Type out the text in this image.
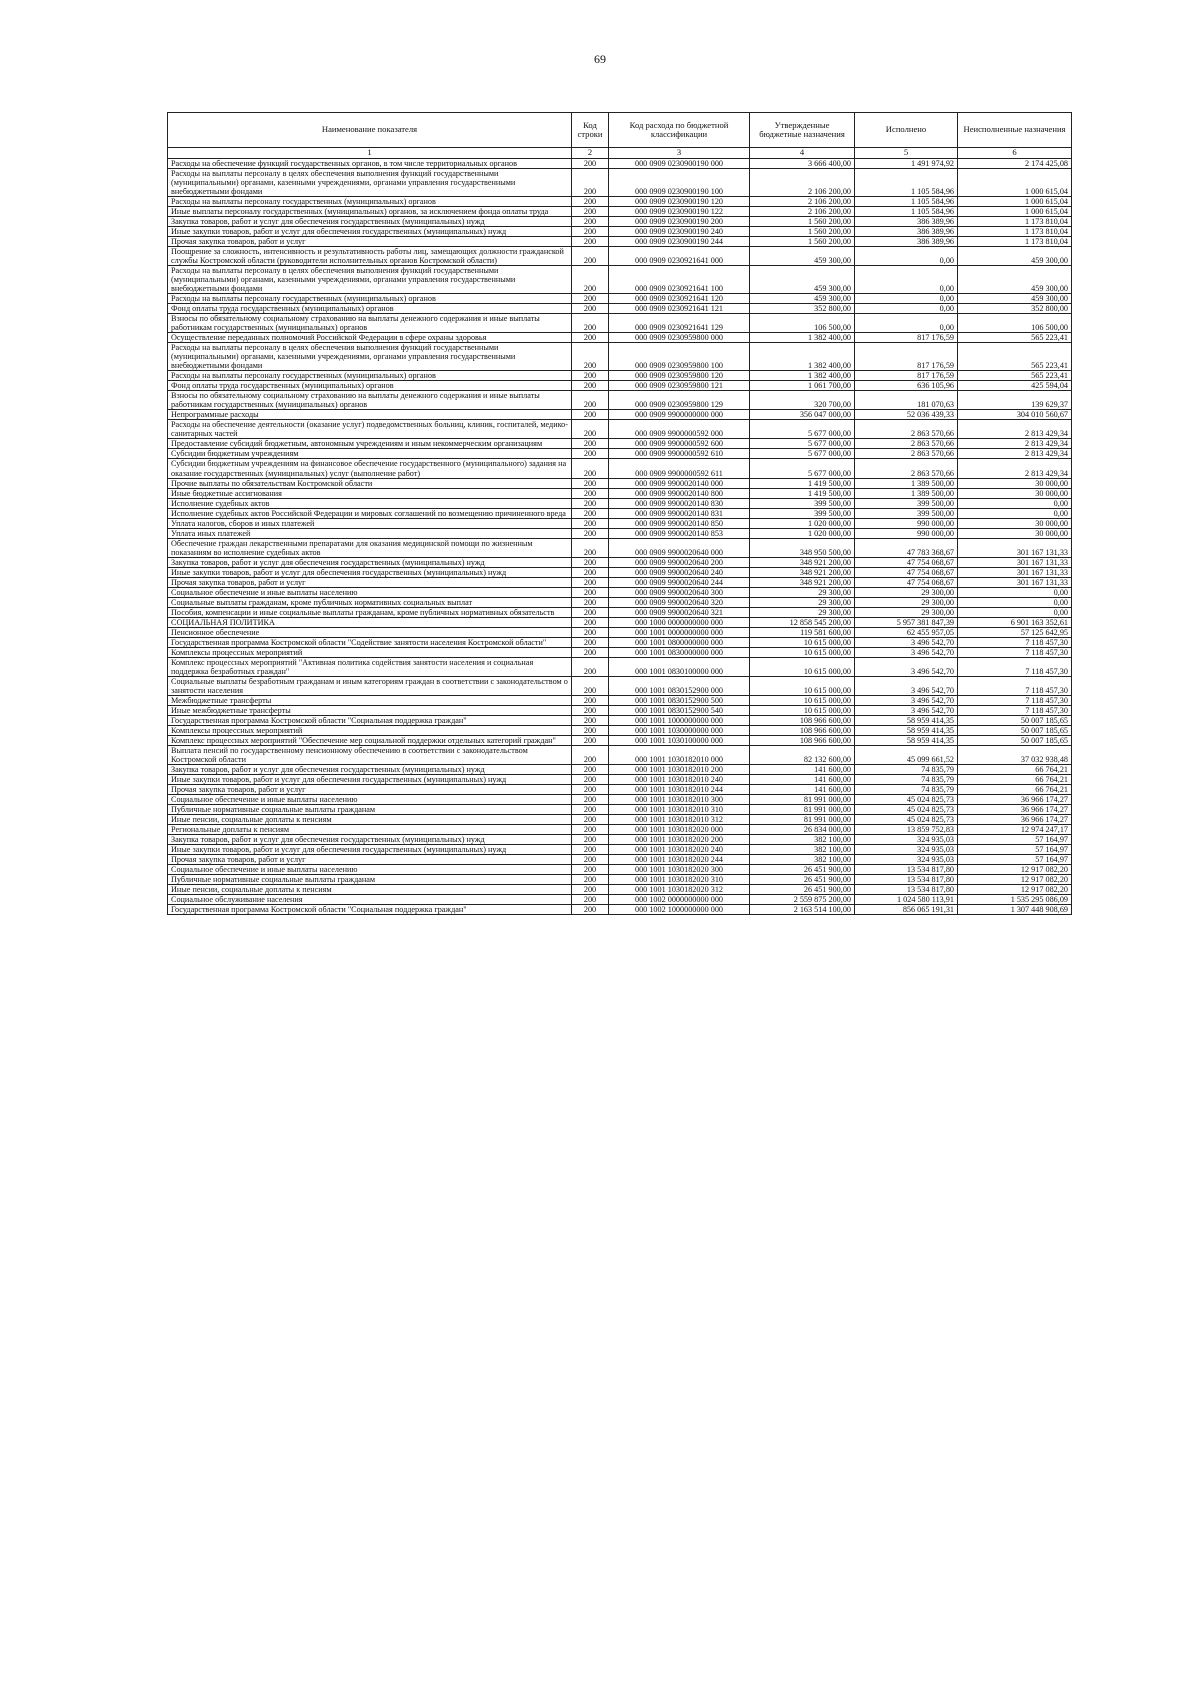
69
Наименование показателя	Код строки	Код расхода по бюджетной классификации	Утвержденные бюджетные назначения	Исполнено	Неисполненные назначения
1	2	3	4	5	6
Расходы на обеспечение функций государственных органов, в том числе территориальных органов	200	000 0909 0230900190 000	3 666 400,00	1 491 974,92	2 174 425,08
Расходы на выплаты персоналу в целях обеспечения выполнения функций государственными (муниципальными) органами, казенными учреждениями, органами управления государственными внебюджетными фондами	200	000 0909 0230900190 100	2 106 200,00	1 105 584,96	1 000 615,04
Расходы на выплаты персоналу государственных (муниципальных) органов	200	000 0909 0230900190 120	2 106 200,00	1 105 584,96	1 000 615,04
Иные выплаты персоналу государственных (муниципальных) органов, за исключением фонда оплаты труда	200	000 0909 0230900190 122	2 106 200,00	1 105 584,96	1 000 615,04
Закупка товаров, работ и услуг для обеспечения государственных (муниципальных) нужд	200	000 0909 0230900190 200	1 560 200,00	386 389,96	1 173 810,04
Иные закупки товаров, работ и услуг для обеспечения государственных (муниципальных) нужд	200	000 0909 0230900190 240	1 560 200,00	386 389,96	1 173 810,04
Прочая закупка товаров, работ и услуг	200	000 0909 0230900190 244	1 560 200,00	386 389,96	1 173 810,04
Поощрение за сложность, интенсивность и результативность работы лиц, замещающих должности гражданской службы Костромской области (руководители исполнительных органов Костромской области)	200	000 0909 0230921641 000	459 300,00	0,00	459 300,00
Расходы на выплаты персоналу в целях обеспечения выполнения функций государственными (муниципальными) органами, казенными учреждениями, органами управления государственными внебюджетными фондами	200	000 0909 0230921641 100	459 300,00	0,00	459 300,00
Расходы на выплаты персоналу государственных (муниципальных) органов	200	000 0909 0230921641 120	459 300,00	0,00	459 300,00
Фонд оплаты труда государственных (муниципальных) органов	200	000 0909 0230921641 121	352 800,00	0,00	352 800,00
Взносы по обязательному социальному страхованию на выплаты денежного содержания и иные выплаты работникам государственных (муниципальных) органов	200	000 0909 0230921641 129	106 500,00	0,00	106 500,00
Осуществление переданных полномочий Российской Федерации в сфере охраны здоровья	200	000 0909 0230959800 000	1 382 400,00	817 176,59	565 223,41
Расходы на выплаты персоналу в целях обеспечения выполнения функций государственными (муниципальными) органами, казенными учреждениями, органами управления государственными внебюджетными фондами	200	000 0909 0230959800 100	1 382 400,00	817 176,59	565 223,41
Расходы на выплаты персоналу государственных (муниципальных) органов	200	000 0909 0230959800 120	1 382 400,00	817 176,59	565 223,41
Фонд оплаты труда государственных (муниципальных) органов	200	000 0909 0230959800 121	1 061 700,00	636 105,96	425 594,04
Взносы по обязательному социальному страхованию на выплаты денежного содержания и иные выплаты работникам государственных (муниципальных) органов	200	000 0909 0230959800 129	320 700,00	181 070,63	139 629,37
Непрограммные расходы	200	000 0909 9900000000 000	356 047 000,00	52 036 439,33	304 010 560,67
Расходы на обеспечение деятельности (оказание услуг) подведомственных больниц, клиник, госпиталей, медико-санитарных частей	200	000 0909 9900000592 000	5 677 000,00	2 863 570,66	2 813 429,34
Предоставление субсидий бюджетным, автономным учреждениям и иным некоммерческим организациям	200	000 0909 9900000592 600	5 677 000,00	2 863 570,66	2 813 429,34
Субсидии бюджетным учреждениям	200	000 0909 9900000592 610	5 677 000,00	2 863 570,66	2 813 429,34
Субсидии бюджетным учреждениям на финансовое обеспечение государственного (муниципального) задания на оказание государственных (муниципальных) услуг (выполнение работ)	200	000 0909 9900000592 611	5 677 000,00	2 863 570,66	2 813 429,34
Прочие выплаты по обязательствам Костромской области	200	000 0909 9900020140 000	1 419 500,00	1 389 500,00	30 000,00
Иные бюджетные ассигнования	200	000 0909 9900020140 800	1 419 500,00	1 389 500,00	30 000,00
Исполнение судебных актов	200	000 0909 9900020140 830	399 500,00	399 500,00	0,00
Исполнение судебных актов Российской Федерации и мировых соглашений по возмещению причиненного вреда	200	000 0909 9900020140 831	399 500,00	399 500,00	0,00
Уплата налогов, сборов и иных платежей	200	000 0909 9900020140 850	1 020 000,00	990 000,00	30 000,00
Уплата иных платежей	200	000 0909 9900020140 853	1 020 000,00	990 000,00	30 000,00
Обеспечение граждан лекарственными препаратами для оказания медицинской помощи по жизненным показаниям во исполнение судебных актов	200	000 0909 9900020640 000	348 950 500,00	47 783 368,67	301 167 131,33
Закупка товаров, работ и услуг для обеспечения государственных (муниципальных) нужд	200	000 0909 9900020640 200	348 921 200,00	47 754 068,67	301 167 131,33
Иные закупки товаров, работ и услуг для обеспечения государственных (муниципальных) нужд	200	000 0909 9900020640 240	348 921 200,00	47 754 068,67	301 167 131,33
Прочая закупка товаров, работ и услуг	200	000 0909 9900020640 244	348 921 200,00	47 754 068,67	301 167 131,33
Социальное обеспечение и иные выплаты населению	200	000 0909 9900020640 300	29 300,00	29 300,00	0,00
Социальные выплаты гражданам, кроме публичных нормативных социальных выплат	200	000 0909 9900020640 320	29 300,00	29 300,00	0,00
Пособия, компенсации и иные социальные выплаты гражданам, кроме публичных нормативных обязательств	200	000 0909 9900020640 321	29 300,00	29 300,00	0,00
СОЦИАЛЬНАЯ ПОЛИТИКА	200	000 1000 0000000000 000	12 858 545 200,00	5 957 381 847,39	6 901 163 352,61
Пенсионное обеспечение	200	000 1001 0000000000 000	119 581 600,00	62 455 957,05	57 125 642,95
Государственная программа Костромской области "Содействие занятости населения Костромской области"	200	000 1001 0800000000 000	10 615 000,00	3 496 542,70	7 118 457,30
Комплексы процессных мероприятий	200	000 1001 0830000000 000	10 615 000,00	3 496 542,70	7 118 457,30
Комплекс процессных мероприятий "Активная политика содействия занятости населения и социальная поддержка безработных граждан"	200	000 1001 0830100000 000	10 615 000,00	3 496 542,70	7 118 457,30
Социальные выплаты безработным гражданам и иным категориям граждан в соответствии с законодательством о занятости населения	200	000 1001 0830152900 000	10 615 000,00	3 496 542,70	7 118 457,30
Межбюджетные трансферты	200	000 1001 0830152900 500	10 615 000,00	3 496 542,70	7 118 457,30
Иные межбюджетные трансферты	200	000 1001 0830152900 540	10 615 000,00	3 496 542,70	7 118 457,30
Государственная программа Костромской области "Социальная поддержка граждан"	200	000 1001 1000000000 000	108 966 600,00	58 959 414,35	50 007 185,65
Комплексы процессных мероприятий	200	000 1001 1030000000 000	108 966 600,00	58 959 414,35	50 007 185,65
Комплекс процессных мероприятий "Обеспечение мер социальной поддержки отдельных категорий граждан"	200	000 1001 1030100000 000	108 966 600,00	58 959 414,35	50 007 185,65
Выплата пенсий по государственному пенсионному обеспечению в соответствии с законодательством Костромской области	200	000 1001 1030182010 000	82 132 600,00	45 099 661,52	37 032 938,48
Закупка товаров, работ и услуг для обеспечения государственных (муниципальных) нужд	200	000 1001 1030182010 200	141 600,00	74 835,79	66 764,21
Иные закупки товаров, работ и услуг для обеспечения государственных (муниципальных) нужд	200	000 1001 1030182010 240	141 600,00	74 835,79	66 764,21
Прочая закупка товаров, работ и услуг	200	000 1001 1030182010 244	141 600,00	74 835,79	66 764,21
Социальное обеспечение и иные выплаты населению	200	000 1001 1030182010 300	81 991 000,00	45 024 825,73	36 966 174,27
Публичные нормативные социальные выплаты гражданам	200	000 1001 1030182010 310	81 991 000,00	45 024 825,73	36 966 174,27
Иные пенсии, социальные доплаты к пенсиям	200	000 1001 1030182010 312	81 991 000,00	45 024 825,73	36 966 174,27
Региональные доплаты к пенсиям	200	000 1001 1030182020 000	26 834 000,00	13 859 752,83	12 974 247,17
Закупка товаров, работ и услуг для обеспечения государственных (муниципальных) нужд	200	000 1001 1030182020 200	382 100,00	324 935,03	57 164,97
Иные закупки товаров, работ и услуг для обеспечения государственных (муниципальных) нужд	200	000 1001 1030182020 240	382 100,00	324 935,03	57 164,97
Прочая закупка товаров, работ и услуг	200	000 1001 1030182020 244	382 100,00	324 935,03	57 164,97
Социальное обеспечение и иные выплаты населению	200	000 1001 1030182020 300	26 451 900,00	13 534 817,80	12 917 082,20
Публичные нормативные социальные выплаты гражданам	200	000 1001 1030182020 310	26 451 900,00	13 534 817,80	12 917 082,20
Иные пенсии, социальные доплаты к пенсиям	200	000 1001 1030182020 312	26 451 900,00	13 534 817,80	12 917 082,20
Социальное обслуживание населения	200	000 1002 0000000000 000	2 559 875 200,00	1 024 580 113,91	1 535 295 086,09
Государственная программа Костромской области "Социальная поддержка граждан"	200	000 1002 1000000000 000	2 163 514 100,00	856 065 191,31	1 307 448 908,69
